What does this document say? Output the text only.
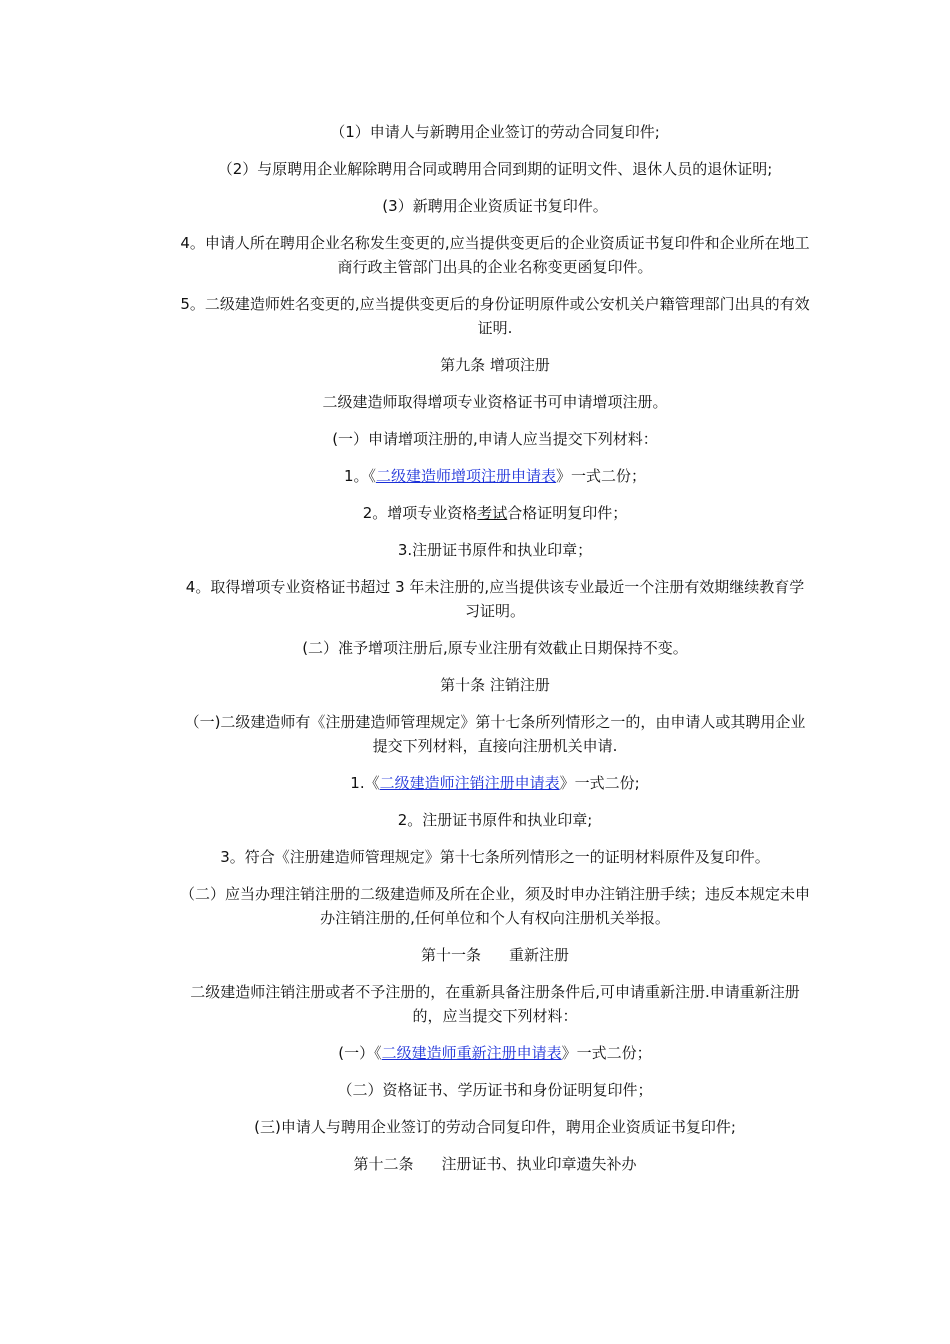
（1）申请人与新聘用企业签订的劳动合同复印件;

（2）与原聘用企业解除聘用合同或聘用合同到期的证明文件、退休人员的退休证明;

(3）新聘用企业资质证书复印件。

4。申请人所在聘用企业名称发生变更的,应当提供变更后的企业资质证书复印件和企业所在地工商行政主管部门出具的企业名称变更函复印件。

5。二级建造师姓名变更的,应当提供变更后的身份证明原件或公安机关户籍管理部门出具的有效证明.

第九条 增项注册

二级建造师取得增项专业资格证书可申请增项注册。

(一）申请增项注册的,申请人应当提交下列材料：

1。《二级建造师增项注册申请表》一式二份；

2。增项专业资格考试合格证明复印件；

3.注册证书原件和执业印章；

4。取得增项专业资格证书超过 3 年未注册的,应当提供该专业最近一个注册有效期继续教育学习证明。

(二）准予增项注册后,原专业注册有效截止日期保持不变。

第十条 注销注册

（一)二级建造师有《注册建造师管理规定》第十七条所列情形之一的，由申请人或其聘用企业提交下列材料，直接向注册机关申请.

1.《二级建造师注销注册申请表》一式二份;

2。注册证书原件和执业印章;

3。符合《注册建造师管理规定》第十七条所列情形之一的证明材料原件及复印件。

（二）应当办理注销注册的二级建造师及所在企业，须及时申办注销注册手续；违反本规定未申办注销注册的,任何单位和个人有权向注册机关举报。

第十一条 重新注册

二级建造师注销注册或者不予注册的，在重新具备注册条件后,可申请重新注册.申请重新注册的，应当提交下列材料：

(一）《二级建造师重新注册申请表》一式二份；

（二）资格证书、学历证书和身份证明复印件；

(三)申请人与聘用企业签订的劳动合同复印件，聘用企业资质证书复印件;

第十二条 注册证书、执业印章遗失补办
